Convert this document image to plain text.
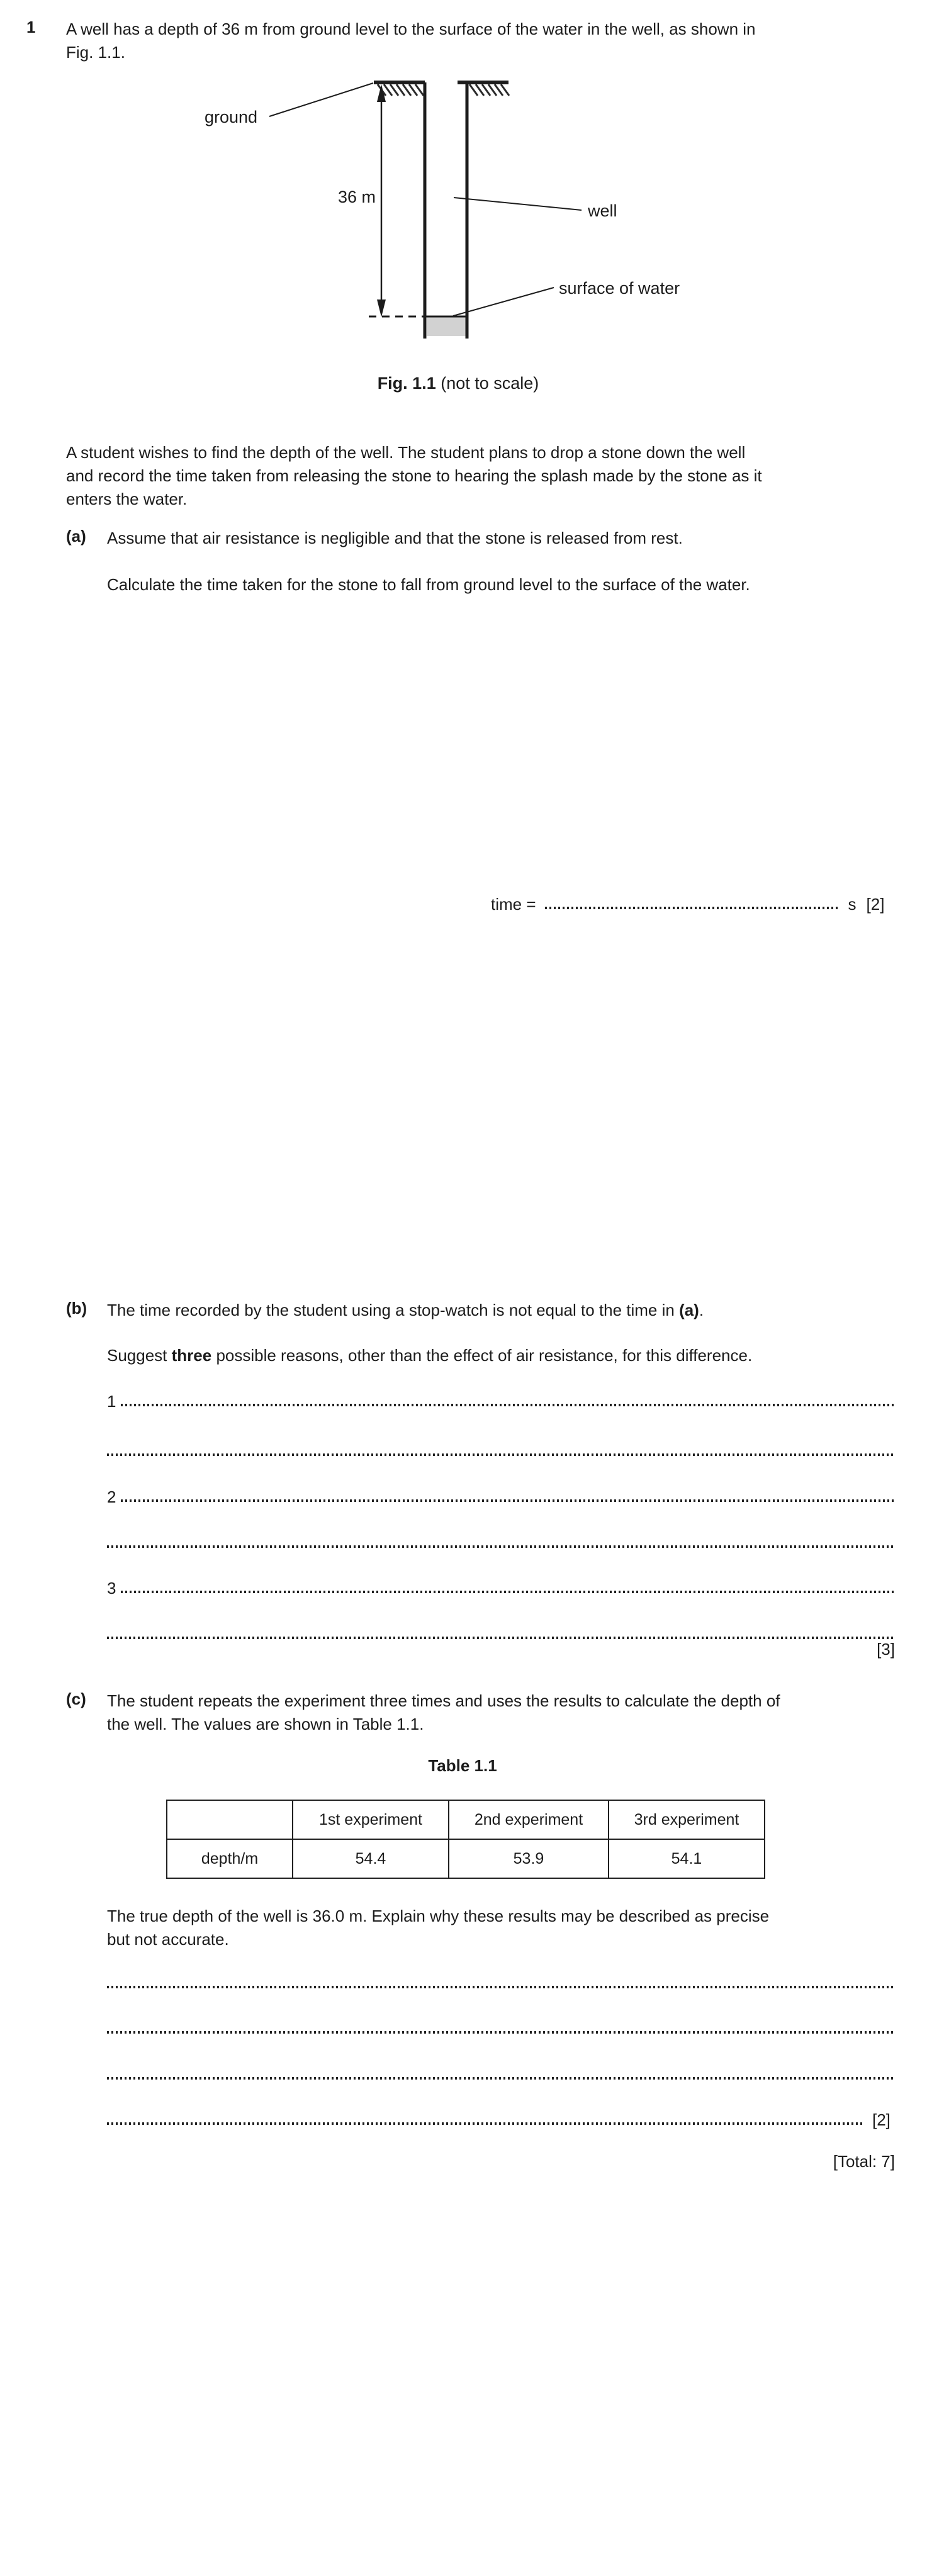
1 A well has a depth of 36 m from ground level to the surface of the water in the well, as shown in
Fig. 1.1.
36 m
ground
well
surface of water
Fig. 1.1 (not to scale)
A student wishes to find the depth of the well. The student plans to drop a stone down the well
and record the time taken from releasing the stone to hearing the splash made by the stone as it
enters the water.
(a) Assume that air resistance is negligible and that the stone is released from rest.
Calculate the time taken for the stone to fall from ground level to the surface of the water.
time =	s [2]
(b) The time recorded by the student using a stop-watch is not equal to the time in (a).
Suggest three possible reasons, other than the effect of air resistance, for this difference.
1
2
3
[3]
(c) The student repeats the experiment three times and uses the results to calculate the depth of
the well. The values are shown in Table 1.1.
Table 1.1
	1st experiment	2nd experiment	3rd experiment
depth/m	54.4	53.9	54.1
The true depth of the well is 36.0 m. Explain why these results may be described as precise
but not accurate.
[2]
[Total: 7]
